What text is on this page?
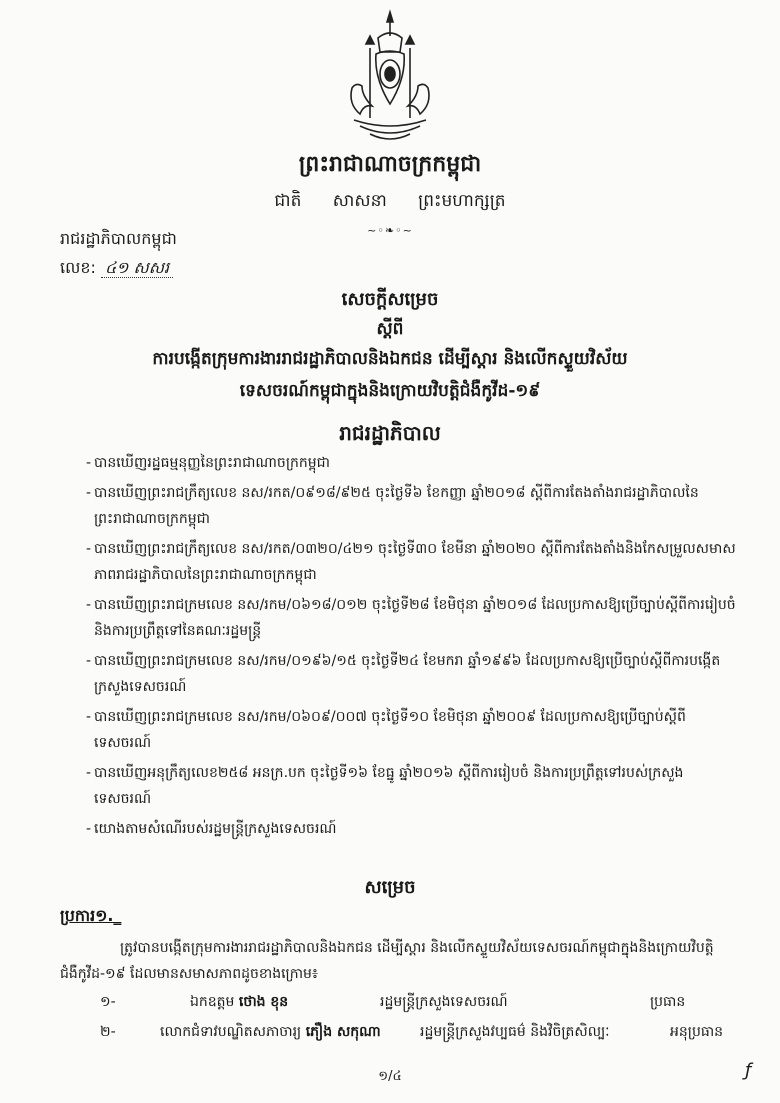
ព្រះរាជាណាចក្រកម្ពុជា
ជាតិ សាសនា ព្រះមហាក្សត្រ
~◦❧◦~
រាជរដ្ឋាភិបាលកម្ពុជា
លេខ: ៤១ សសរ
សេចក្តីសម្រេច
ស្តីពី
ការបង្កើតក្រុមការងាររាជរដ្ឋាភិបាលនិងឯកជន ដើម្បីស្តារ និងលើកស្ទួយវិស័យ
ទេសចរណ៍កម្ពុជាក្នុងនិងក្រោយវិបត្តិជំងឺកូវីដ-១៩
រាជរដ្ឋាភិបាល
- បានឃើញរដ្ឋធម្មនុញ្ញនៃព្រះរាជាណាចក្រកម្ពុជា
- បានឃើញព្រះរាជក្រឹត្យលេខ នស/រកត/០៩១៨/៩២៥ ចុះថ្ងៃទី៦ ខែកញ្ញា ឆ្នាំ២០១៨ ស្តីពីការតែងតាំងរាជរដ្ឋាភិបាលនៃព្រះរាជាណាចក្រកម្ពុជា
- បានឃើញព្រះរាជក្រឹត្យលេខ នស/រកត/០៣២០/៤២១ ចុះថ្ងៃទី៣០ ខែមីនា ឆ្នាំ២០២០ ស្តីពីការតែងតាំងនិងកែសម្រួលសមាសភាពរាជរដ្ឋាភិបាលនៃព្រះរាជាណាចក្រកម្ពុជា
- បានឃើញព្រះរាជក្រមលេខ នស/រកម/០៦១៨/០១២ ចុះថ្ងៃទី២៨ ខែមិថុនា ឆ្នាំ២០១៨ ដែលប្រកាសឱ្យប្រើច្បាប់ស្តីពីការរៀបចំ និងការប្រព្រឹត្តទៅនៃគណៈរដ្ឋមន្ត្រី
- បានឃើញព្រះរាជក្រមលេខ នស/រកម/០១៩៦/១៥ ចុះថ្ងៃទី២៤ ខែមករា ឆ្នាំ១៩៩៦ ដែលប្រកាសឱ្យប្រើច្បាប់ស្តីពីការបង្កើតក្រសួងទេសចរណ៍
- បានឃើញព្រះរាជក្រមលេខ នស/រកម/០៦០៩/០០៧ ចុះថ្ងៃទី១០ ខែមិថុនា ឆ្នាំ២០០៩ ដែលប្រកាសឱ្យប្រើច្បាប់ស្តីពីទេសចរណ៍
- បានឃើញអនុក្រឹត្យលេខ២៥៨ អនក្រ.បក ចុះថ្ងៃទី១៦ ខែធ្នូ ឆ្នាំ២០១៦ ស្តីពីការរៀបចំ និងការប្រព្រឹត្តទៅរបស់ក្រសួងទេសចរណ៍
- យោងតាមសំណើរបស់រដ្ឋមន្ត្រីក្រសួងទេសចរណ៍
សម្រេច
ប្រការ១._

ត្រូវបានបង្កើតក្រុមការងាររាជរដ្ឋាភិបាលនិងឯកជន ដើម្បីស្តារ និងលើកស្ទួយវិស័យទេសចរណ៍កម្ពុជាក្នុងនិងក្រោយវិបត្តិជំងឺកូវីដ-១៩ ដែលមានសមាសភាពដូចខាងក្រោម៖

១-	ឯកឧត្តម ថោង ខុន	រដ្ឋមន្ត្រីក្រសួងទេសចរណ៍	ប្រធាន
២-	លោកជំទាវបណ្ឌិតសភាចារ្យ ភឿង សកុណា	រដ្ឋមន្ត្រីក្រសួងវប្បធម៌ និងវិចិត្រសិល្បៈ	អនុប្រធាន
១/៤	ƒ
